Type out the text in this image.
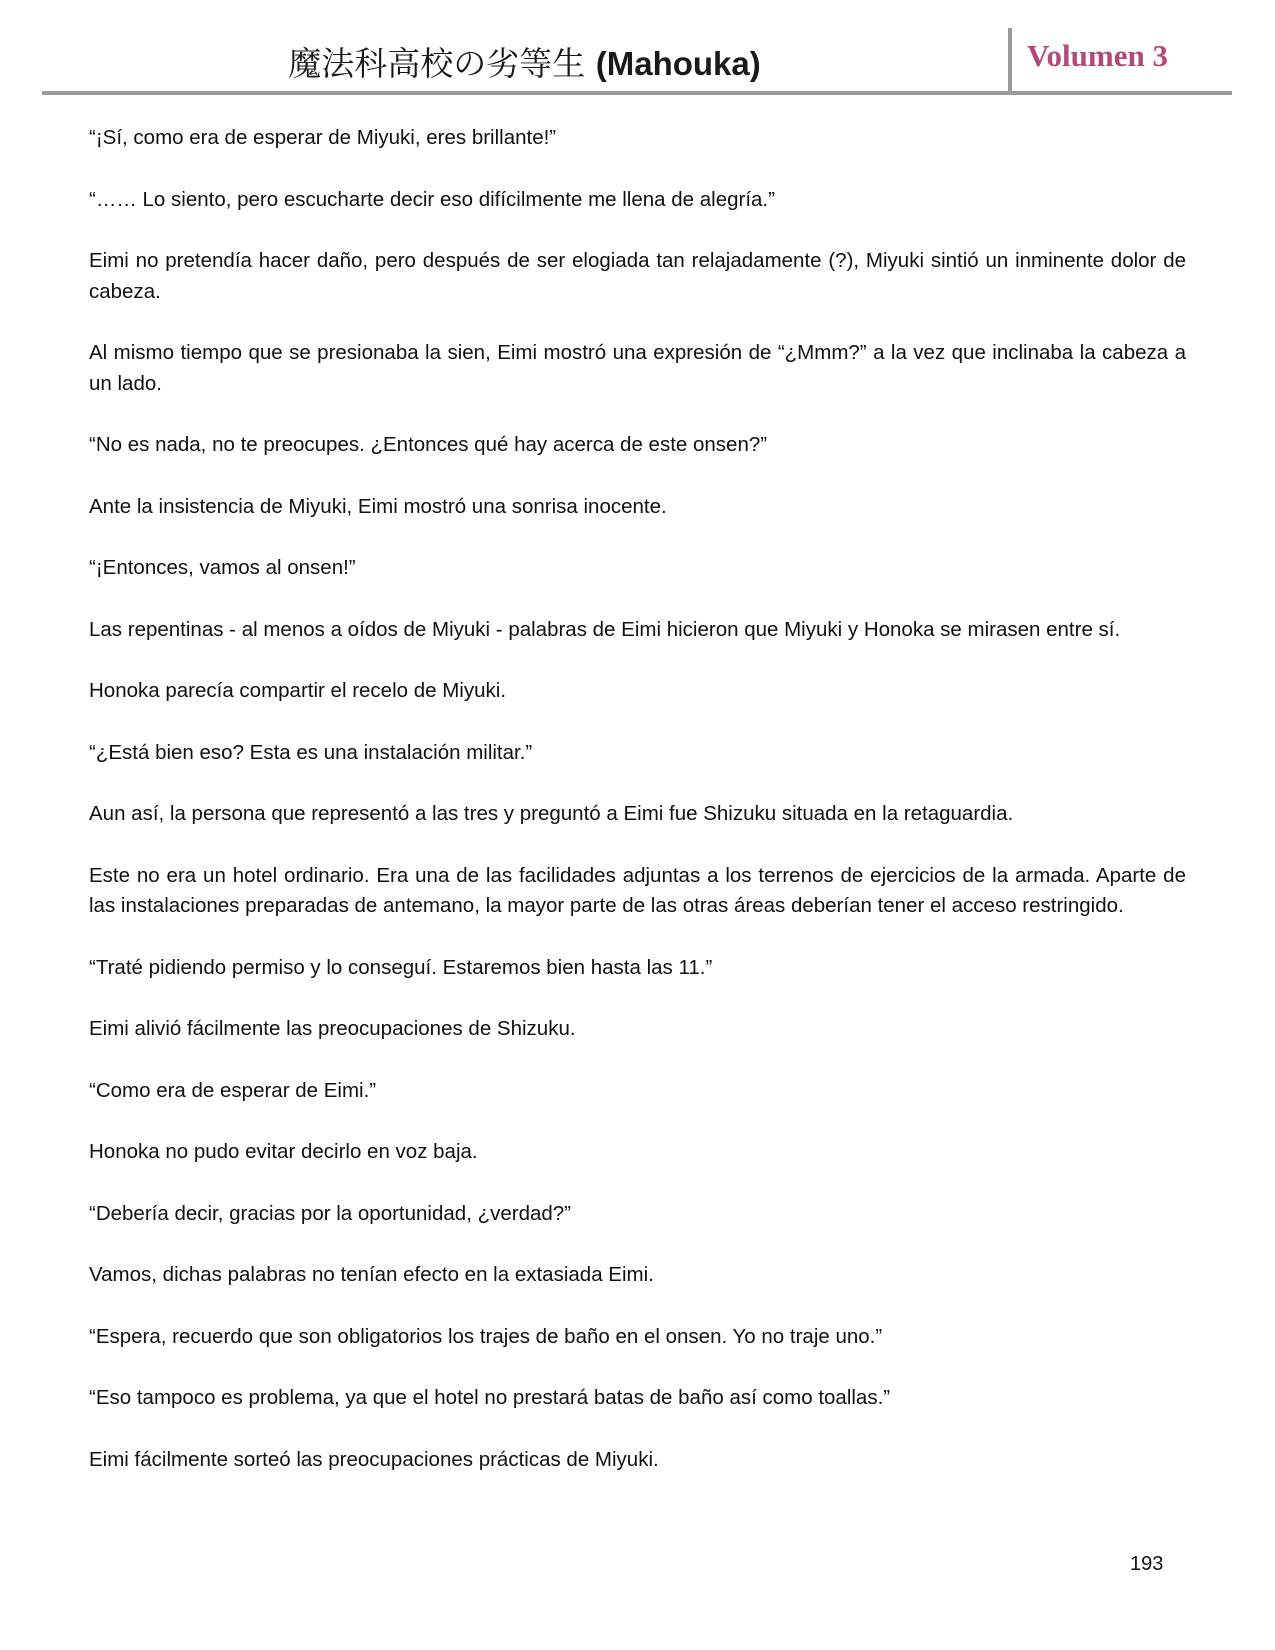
魔法科高校の劣等生 (Mahouka)	Volumen 3

“¡Sí, como era de esperar de Miyuki, eres brillante!”

“…… Lo siento, pero escucharte decir eso difícilmente me llena de alegría.”

Eimi no pretendía hacer daño, pero después de ser elogiada tan relajadamente (?), Miyuki sintió un inminente dolor de cabeza.

Al mismo tiempo que se presionaba la sien, Eimi mostró una expresión de “¿Mmm?” a la vez que inclinaba la cabeza a un lado.

“No es nada, no te preocupes. ¿Entonces qué hay acerca de este onsen?”

Ante la insistencia de Miyuki, Eimi mostró una sonrisa inocente.

“¡Entonces, vamos al onsen!”

Las repentinas - al menos a oídos de Miyuki - palabras de Eimi hicieron que Miyuki y Honoka se mirasen entre sí.

Honoka parecía compartir el recelo de Miyuki.

“¿Está bien eso? Esta es una instalación militar.”

Aun así, la persona que representó a las tres y preguntó a Eimi fue Shizuku situada en la retaguardia.

Este no era un hotel ordinario. Era una de las facilidades adjuntas a los terrenos de ejercicios de la armada. Aparte de las instalaciones preparadas de antemano, la mayor parte de las otras áreas deberían tener el acceso restringido.

“Traté pidiendo permiso y lo conseguí. Estaremos bien hasta las 11.”

Eimi alivió fácilmente las preocupaciones de Shizuku.

“Como era de esperar de Eimi.”

Honoka no pudo evitar decirlo en voz baja.

“Debería decir, gracias por la oportunidad, ¿verdad?”

Vamos, dichas palabras no tenían efecto en la extasiada Eimi.

“Espera, recuerdo que son obligatorios los trajes de baño en el onsen. Yo no traje uno.”

“Eso tampoco es problema, ya que el hotel no prestará batas de baño así como toallas.”

Eimi fácilmente sorteó las preocupaciones prácticas de Miyuki.

193
